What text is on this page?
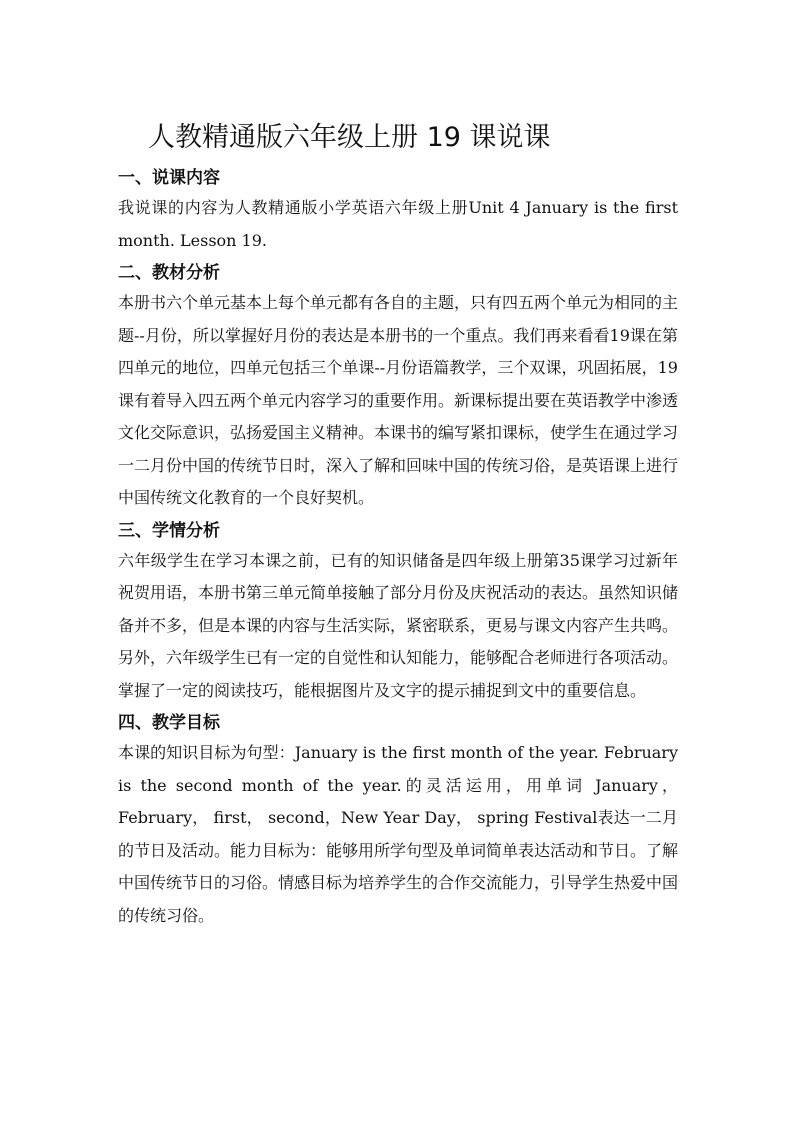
人教精通版六年级上册 19 课说课
一、说课内容

我说课的内容为人教精通版小学英语六年级上册Unit 4 January is the first month. Lesson 19.

二、教材分析

本册书六个单元基本上每个单元都有各自的主题，只有四五两个单元为相同的主题--月份，所以掌握好月份的表达是本册书的一个重点。我们再来看看19课在第四单元的地位，四单元包括三个单课--月份语篇教学，三个双课，巩固拓展，19课有着导入四五两个单元内容学习的重要作用。新课标提出要在英语教学中渗透文化交际意识，弘扬爱国主义精神。本课书的编写紧扣课标，使学生在通过学习一二月份中国的传统节日时，深入了解和回味中国的传统习俗，是英语课上进行中国传统文化教育的一个良好契机。

三、学情分析

六年级学生在学习本课之前，已有的知识储备是四年级上册第35课学习过新年祝贺用语，本册书第三单元简单接触了部分月份及庆祝活动的表达。虽然知识储备并不多，但是本课的内容与生活实际，紧密联系，更易与课文内容产生共鸣。另外，六年级学生已有一定的自觉性和认知能力，能够配合老师进行各项活动。掌握了一定的阅读技巧，能根据图片及文字的提示捕捉到文中的重要信息。

四、教学目标

本课的知识目标为句型：January is the first month of the year. February is the second month of the year.的灵活运用，用单词 January， February， first， second，New Year Day， spring Festival表达一二月的节日及活动。能力目标为：能够用所学句型及单词简单表达活动和节日。了解中国传统节日的习俗。情感目标为培养学生的合作交流能力，引导学生热爱中国的传统习俗。
